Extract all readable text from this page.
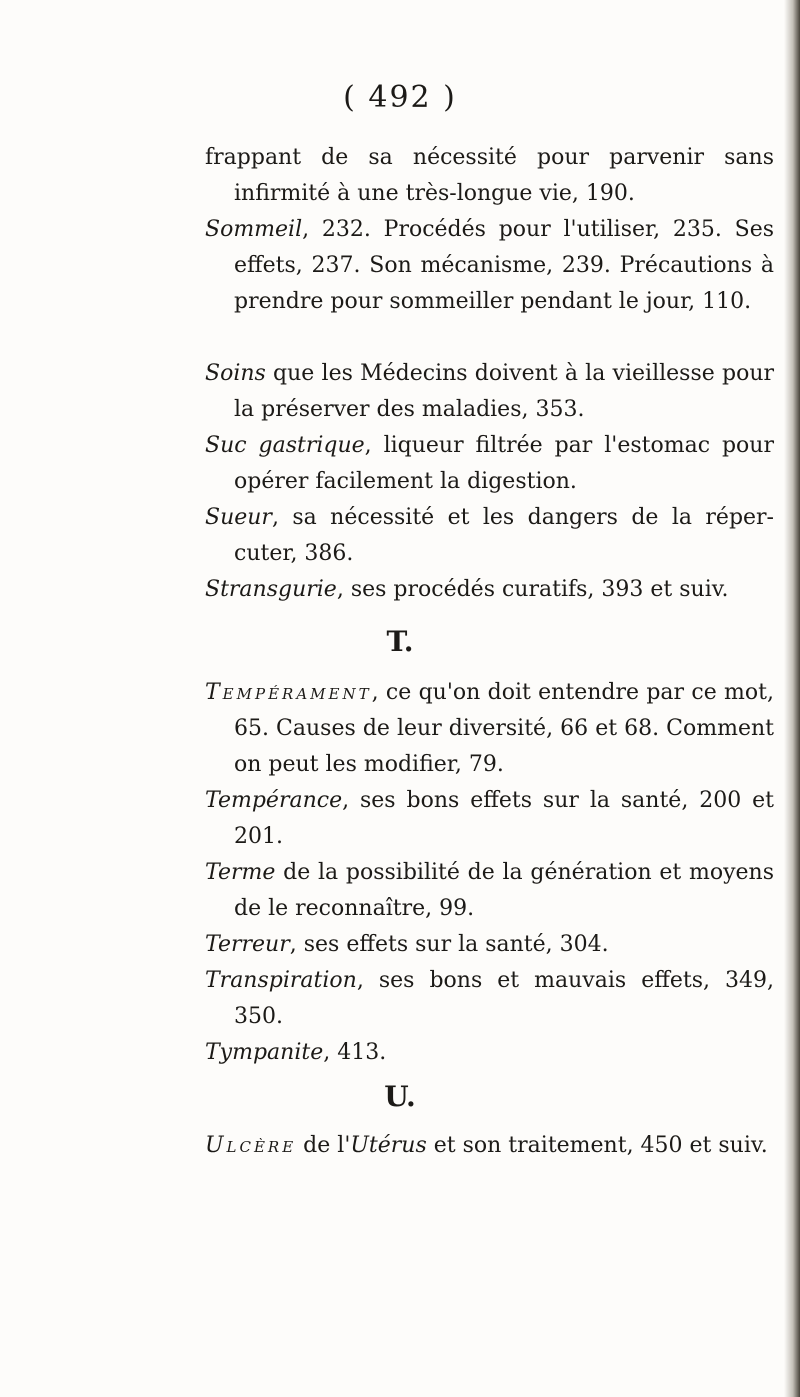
( 492 )

frappant de sa nécessité pour parvenir sans infirmité à une très-longue vie, 190.

Sommeil, 232. Procédés pour l'utiliser, 235. Ses effets, 237. Son mécanisme, 239. Précautions à prendre pour sommeiller pendant le jour, 110.

Soins que les Médecins doivent à la vieillesse pour la préserver des maladies, 353.

Suc gastrique, liqueur filtrée par l'estomac pour opérer facilement la digestion.

Sueur, sa nécessité et les dangers de la réper-cuter, 386.

Stransgurie, ses procédés curatifs, 393 et suiv.

T.

Tempérament, ce qu'on doit entendre par ce mot, 65. Causes de leur diversité, 66 et 68. Comment on peut les modifier, 79.

Tempérance, ses bons effets sur la santé, 200 et 201.

Terme de la possibilité de la génération et moyens de le reconnaître, 99.

Terreur, ses effets sur la santé, 304.

Transpiration, ses bons et mauvais effets, 349, 350.

Tympanite, 413.

U.

Ulcère de l'Utérus et son traitement, 450 et suiv.
